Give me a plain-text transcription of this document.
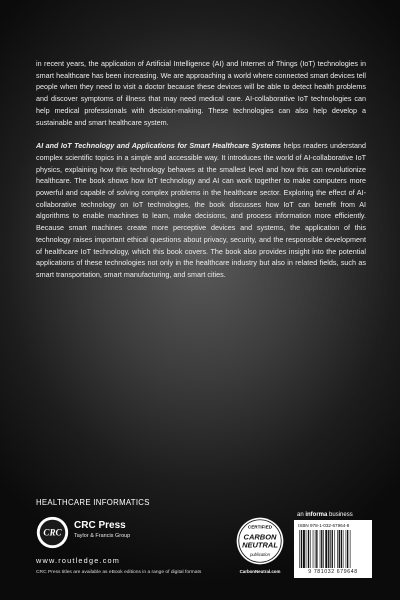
in recent years, the application of Artificial Intelligence (AI) and Internet of Things (IoT) technologies in smart healthcare has been increasing. We are approaching a world where connected smart devices tell people when they need to visit a doctor because these devices will be able to detect health problems and discover symptoms of illness that may need medical care. AI-collaborative IoT technologies can help medical professionals with decision-making. These technologies can also help develop a sustainable and smart healthcare system.

AI and IoT Technology and Applications for Smart Healthcare Systems helps readers understand complex scientific topics in a simple and accessible way. It introduces the world of AI-collaborative IoT physics, explaining how this technology behaves at the smallest level and how this can revolutionize healthcare. The book shows how IoT technology and AI can work together to make computers more powerful and capable of solving complex problems in the healthcare sector. Exploring the effect of AI-collaborative technology on IoT technologies, the book discusses how IoT can benefit from AI algorithms to enable machines to learn, make decisions, and process information more efficiently. Because smart machines create more perceptive devices and systems, the application of this technology raises important ethical questions about privacy, security, and the responsible development of healthcare IoT technology, which this book covers. The book also provides insight into the potential applications of these technologies not only in the healthcare industry but also in related fields, such as smart transportation, smart manufacturing, and smart cities.

HEALTHCARE INFORMATICS
CRC
CRC Press
Taylor & Francis Group
www.routledge.com
CRC Press titles are available as eBook editions in a range of digital formats
CERTIFIED
CARBON
NEUTRAL
publication
CarbonNeutral.com
an informa business
ISBN 978-1-032-67964-8
9 781032 679648
